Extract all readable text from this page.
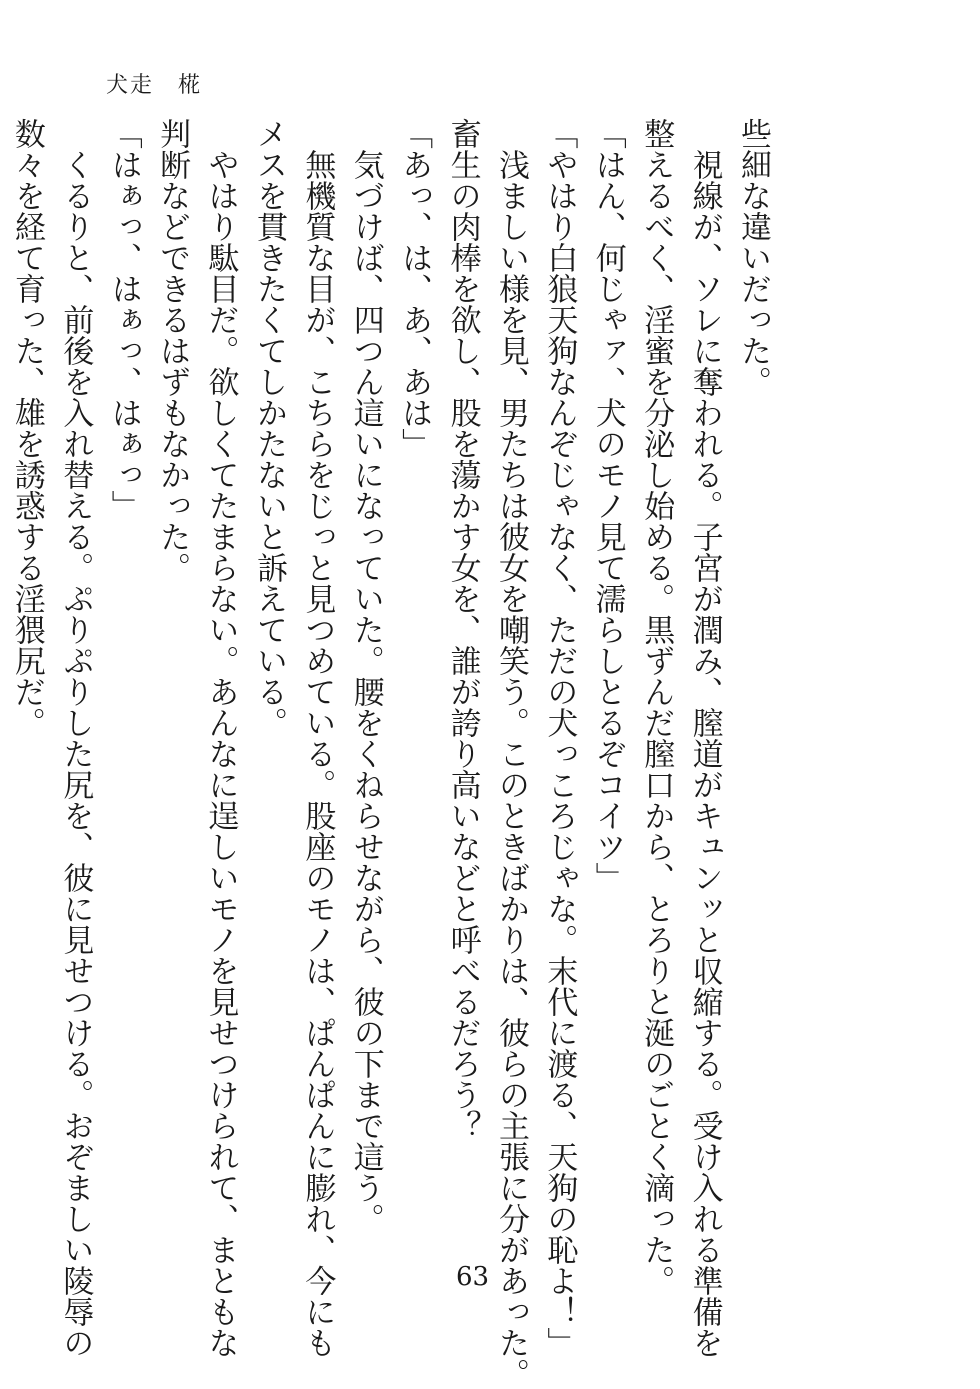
犬走　椛
些細な違いだった。
　視線が、ソレに奪われる。子宮が潤み、膣道がキュンッと収縮する。受け入れる準備を
整えるべく、淫蜜を分泌し始める。黒ずんだ膣口から、とろりと涎のごとく滴った。
「はん、何じゃァ、犬のモノ見て濡らしとるぞコイツ」
「やはり白狼天狗なんぞじゃなく、ただの犬っころじゃな。末代に渡る、天狗の恥よ！」
　浅ましい様を見、男たちは彼女を嘲笑う。このときばかりは、彼らの主張に分があった。
畜生の肉棒を欲し、股を蕩かす女を、誰が誇り高いなどと呼べるだろう？
「あっ、は、あ、あは」
　気づけば、四つん這いになっていた。腰をくねらせながら、彼の下まで這う。
　無機質な目が、こちらをじっと見つめている。股座のモノは、ぱんぱんに膨れ、今にも
メスを貫きたくてしかたないと訴えている。
　やはり駄目だ。欲しくてたまらない。あんなに逞しいモノを見せつけられて、まともな
判断などできるはずもなかった。
「はぁっ、はぁっ、はぁっ」
　くるりと、前後を入れ替える。ぷりぷりした尻を、彼に見せつける。おぞましい陵辱の
数々を経て育った、雄を誘惑する淫猥尻だ。
63
